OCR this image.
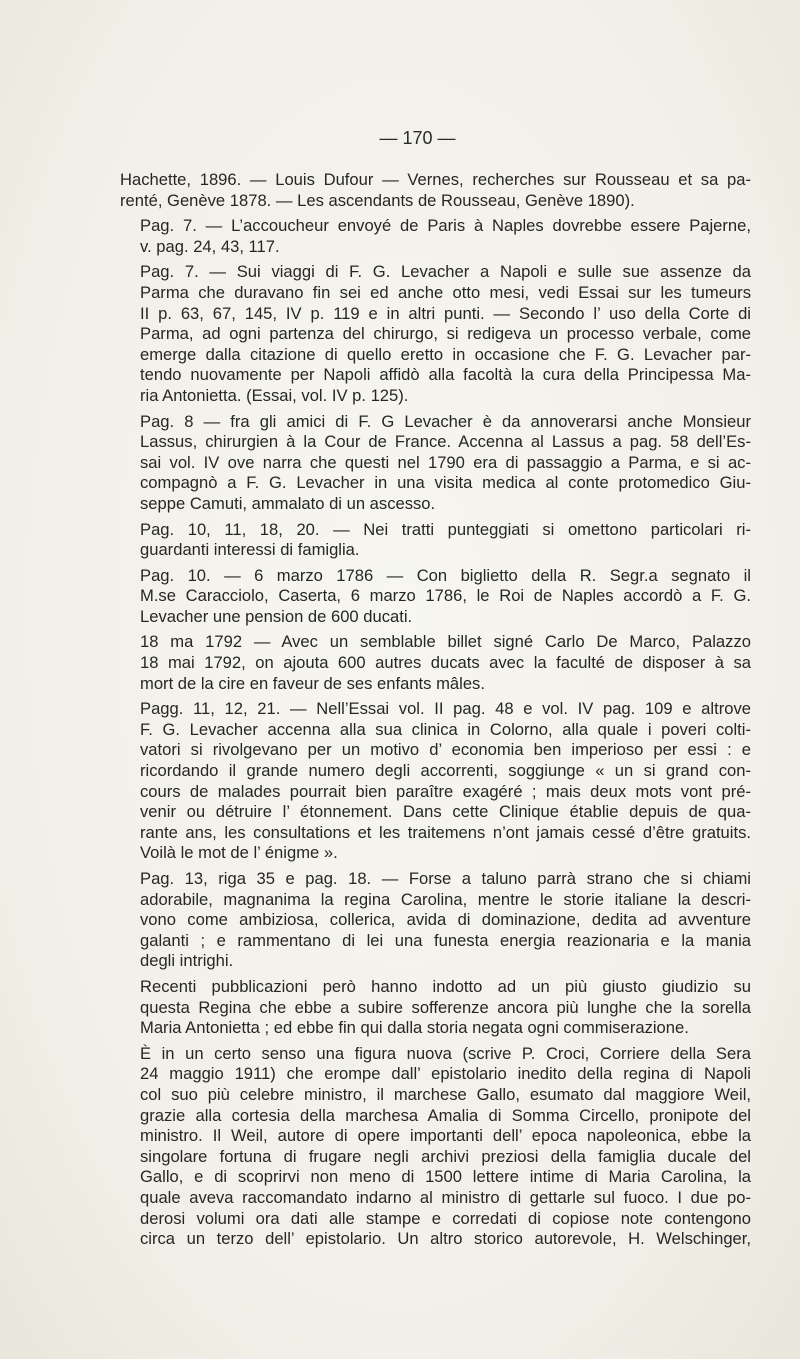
— 170 —

Hachette, 1896. — Louis Dufour — Vernes, recherches sur Rousseau et sa pa-
renté, Genève 1878. — Les ascendants de Rousseau, Genève 1890).

Pag. 7. — L’accoucheur envoyé de Paris à Naples dovrebbe essere Pajerne,
v. pag. 24, 43, 117.

Pag. 7. — Sui viaggi di F. G. Levacher a Napoli e sulle sue assenze da
Parma che duravano fin sei ed anche otto mesi, vedi Essai sur les tumeurs
II p. 63, 67, 145, IV p. 119 e in altri punti. — Secondo l’ uso della Corte di
Parma, ad ogni partenza del chirurgo, si redigeva un processo verbale, come
emerge dalla citazione di quello eretto in occasione che F. G. Levacher par-
tendo nuovamente per Napoli affidò alla facoltà la cura della Principessa Ma-
ria Antonietta. (Essai, vol. IV p. 125).

Pag. 8 — fra gli amici di F. G Levacher è da annoverarsi anche Monsieur
Lassus, chirurgien à la Cour de France. Accenna al Lassus a pag. 58 dell’Es-
sai vol. IV ove narra che questi nel 1790 era di passaggio a Parma, e si ac-
compagnò a F. G. Levacher in una visita medica al conte protomedico Giu-
seppe Camuti, ammalato di un ascesso.

Pag. 10, 11, 18, 20. — Nei tratti punteggiati si omettono particolari ri-
guardanti interessi di famiglia.

Pag. 10. — 6 marzo 1786 — Con biglietto della R. Segr.a segnato il
M.se Caracciolo, Caserta, 6 marzo 1786, le Roi de Naples accordò a F. G.
Levacher une pension de 600 ducati.

18 ma 1792 — Avec un semblable billet signé Carlo De Marco, Palazzo
18 mai 1792, on ajouta 600 autres ducats avec la faculté de disposer à sa
mort de la cire en faveur de ses enfants mâles.

Pagg. 11, 12, 21. — Nell’Essai vol. II pag. 48 e vol. IV pag. 109 e altrove
F. G. Levacher accenna alla sua clinica in Colorno, alla quale i poveri colti-
vatori si rivolgevano per un motivo d’ economia ben imperioso per essi : e
ricordando il grande numero degli accorrenti, soggiunge « un si grand con-
cours de malades pourrait bien paraître exagéré ; mais deux mots vont pré-
venir ou détruire l’ étonnement. Dans cette Clinique établie depuis de qua-
rante ans, les consultations et les traitemens n’ont jamais cessé d’être gratuits.
Voilà le mot de l’ énigme ».

Pag. 13, riga 35 e pag. 18. — Forse a taluno parrà strano che si chiami
adorabile, magnanima la regina Carolina, mentre le storie italiane la descri-
vono come ambiziosa, collerica, avida di dominazione, dedita ad avventure
galanti ; e rammentano di lei una funesta energia reazionaria e la mania
degli intrighi.

Recenti pubblicazioni però hanno indotto ad un più giusto giudizio su
questa Regina che ebbe a subire sofferenze ancora più lunghe che la sorella
Maria Antonietta ; ed ebbe fin qui dalla storia negata ogni commiserazione.

È in un certo senso una figura nuova (scrive P. Croci, Corriere della Sera
24 maggio 1911) che erompe dall’ epistolario inedito della regina di Napoli
col suo più celebre ministro, il marchese Gallo, esumato dal maggiore Weil,
grazie alla cortesia della marchesa Amalia di Somma Circello, pronipote del
ministro. Il Weil, autore di opere importanti dell’ epoca napoleonica, ebbe la
singolare fortuna di frugare negli archivi preziosi della famiglia ducale del
Gallo, e di scoprirvi non meno di 1500 lettere intime di Maria Carolina, la
quale aveva raccomandato indarno al ministro di gettarle sul fuoco. I due po-
derosi volumi ora dati alle stampe e corredati di copiose note contengono
circa un terzo dell’ epistolario. Un altro storico autorevole, H. Welschinger,
